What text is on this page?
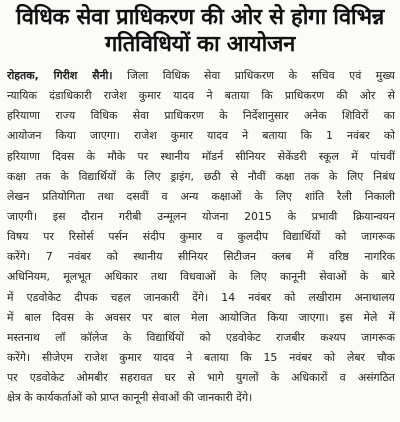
विधिक सेवा प्राधिकरण की ओर से होगा विभिन्न
गतिविधियों का आयोजन
रोहतक, गिरीश सैनी। जिला विधिक सेवा प्राधिकरण के सचिव एवं मुख्य
न्यायिक दंडाधिकारी राजेश कुमार यादव ने बताया कि प्राधिकरण की ओर से
हरियाणा राज्य विधिक सेवा प्राधिकरण के निर्देशानुसार अनेक शिविरों का
आयोजन किया जाएगा। राजेश कुमार यादव ने बताया कि 1 नवंबर को
हरियाणा दिवस के मौके पर स्थानीय मॉडर्न सीनियर सेकेंडरी स्कूल में पांचवीं
कक्षा तक के विद्यार्थियों के लिए ड्राइंग, छठी से नौवीं कक्षा तक के लिए निबंध
लेखन प्रतियोगिता तथा दसवीं व अन्य कक्षाओं के लिए शांति रैली निकाली
जाएगी। इस दौरान गरीबी उन्मूलन योजना 2015 के प्रभावी क्रियान्वयन
विषय पर रिसोर्स पर्सन संदीप कुमार व कुलदीप विद्यार्थियों को जागरूक
करेंगे। 7 नवंबर को स्थानीय सीनियर सिटीजन क्लब में वरिष्ठ नागरिक
अधिनियम, मूलभूत अधिकार तथा विधवाओं के लिए कानूनी सेवाओं के बारे
में एडवोकेट दीपक चहल जानकारी देंगे। 14 नवंबर को लखीराम अनाथालय
में बाल दिवस के अवसर पर बाल मेला आयोजित किया जाएगा। इस मेले में
मस्तनाथ लॉ कॉलेज के विद्यार्थियों को एडवोकेट राजबीर कश्यप जागरूक
करेंगे। सीजेएम राजेश कुमार यादव ने बताया कि 15 नवंबर को लेबर चौक
पर एडवोकेट ओमबीर सहरावत घर से भागे युगलों के अधिकारों व असंगठित
क्षेत्र के कार्यकर्ताओं को प्राप्त कानूनी सेवाओं की जानकारी देंगे।
